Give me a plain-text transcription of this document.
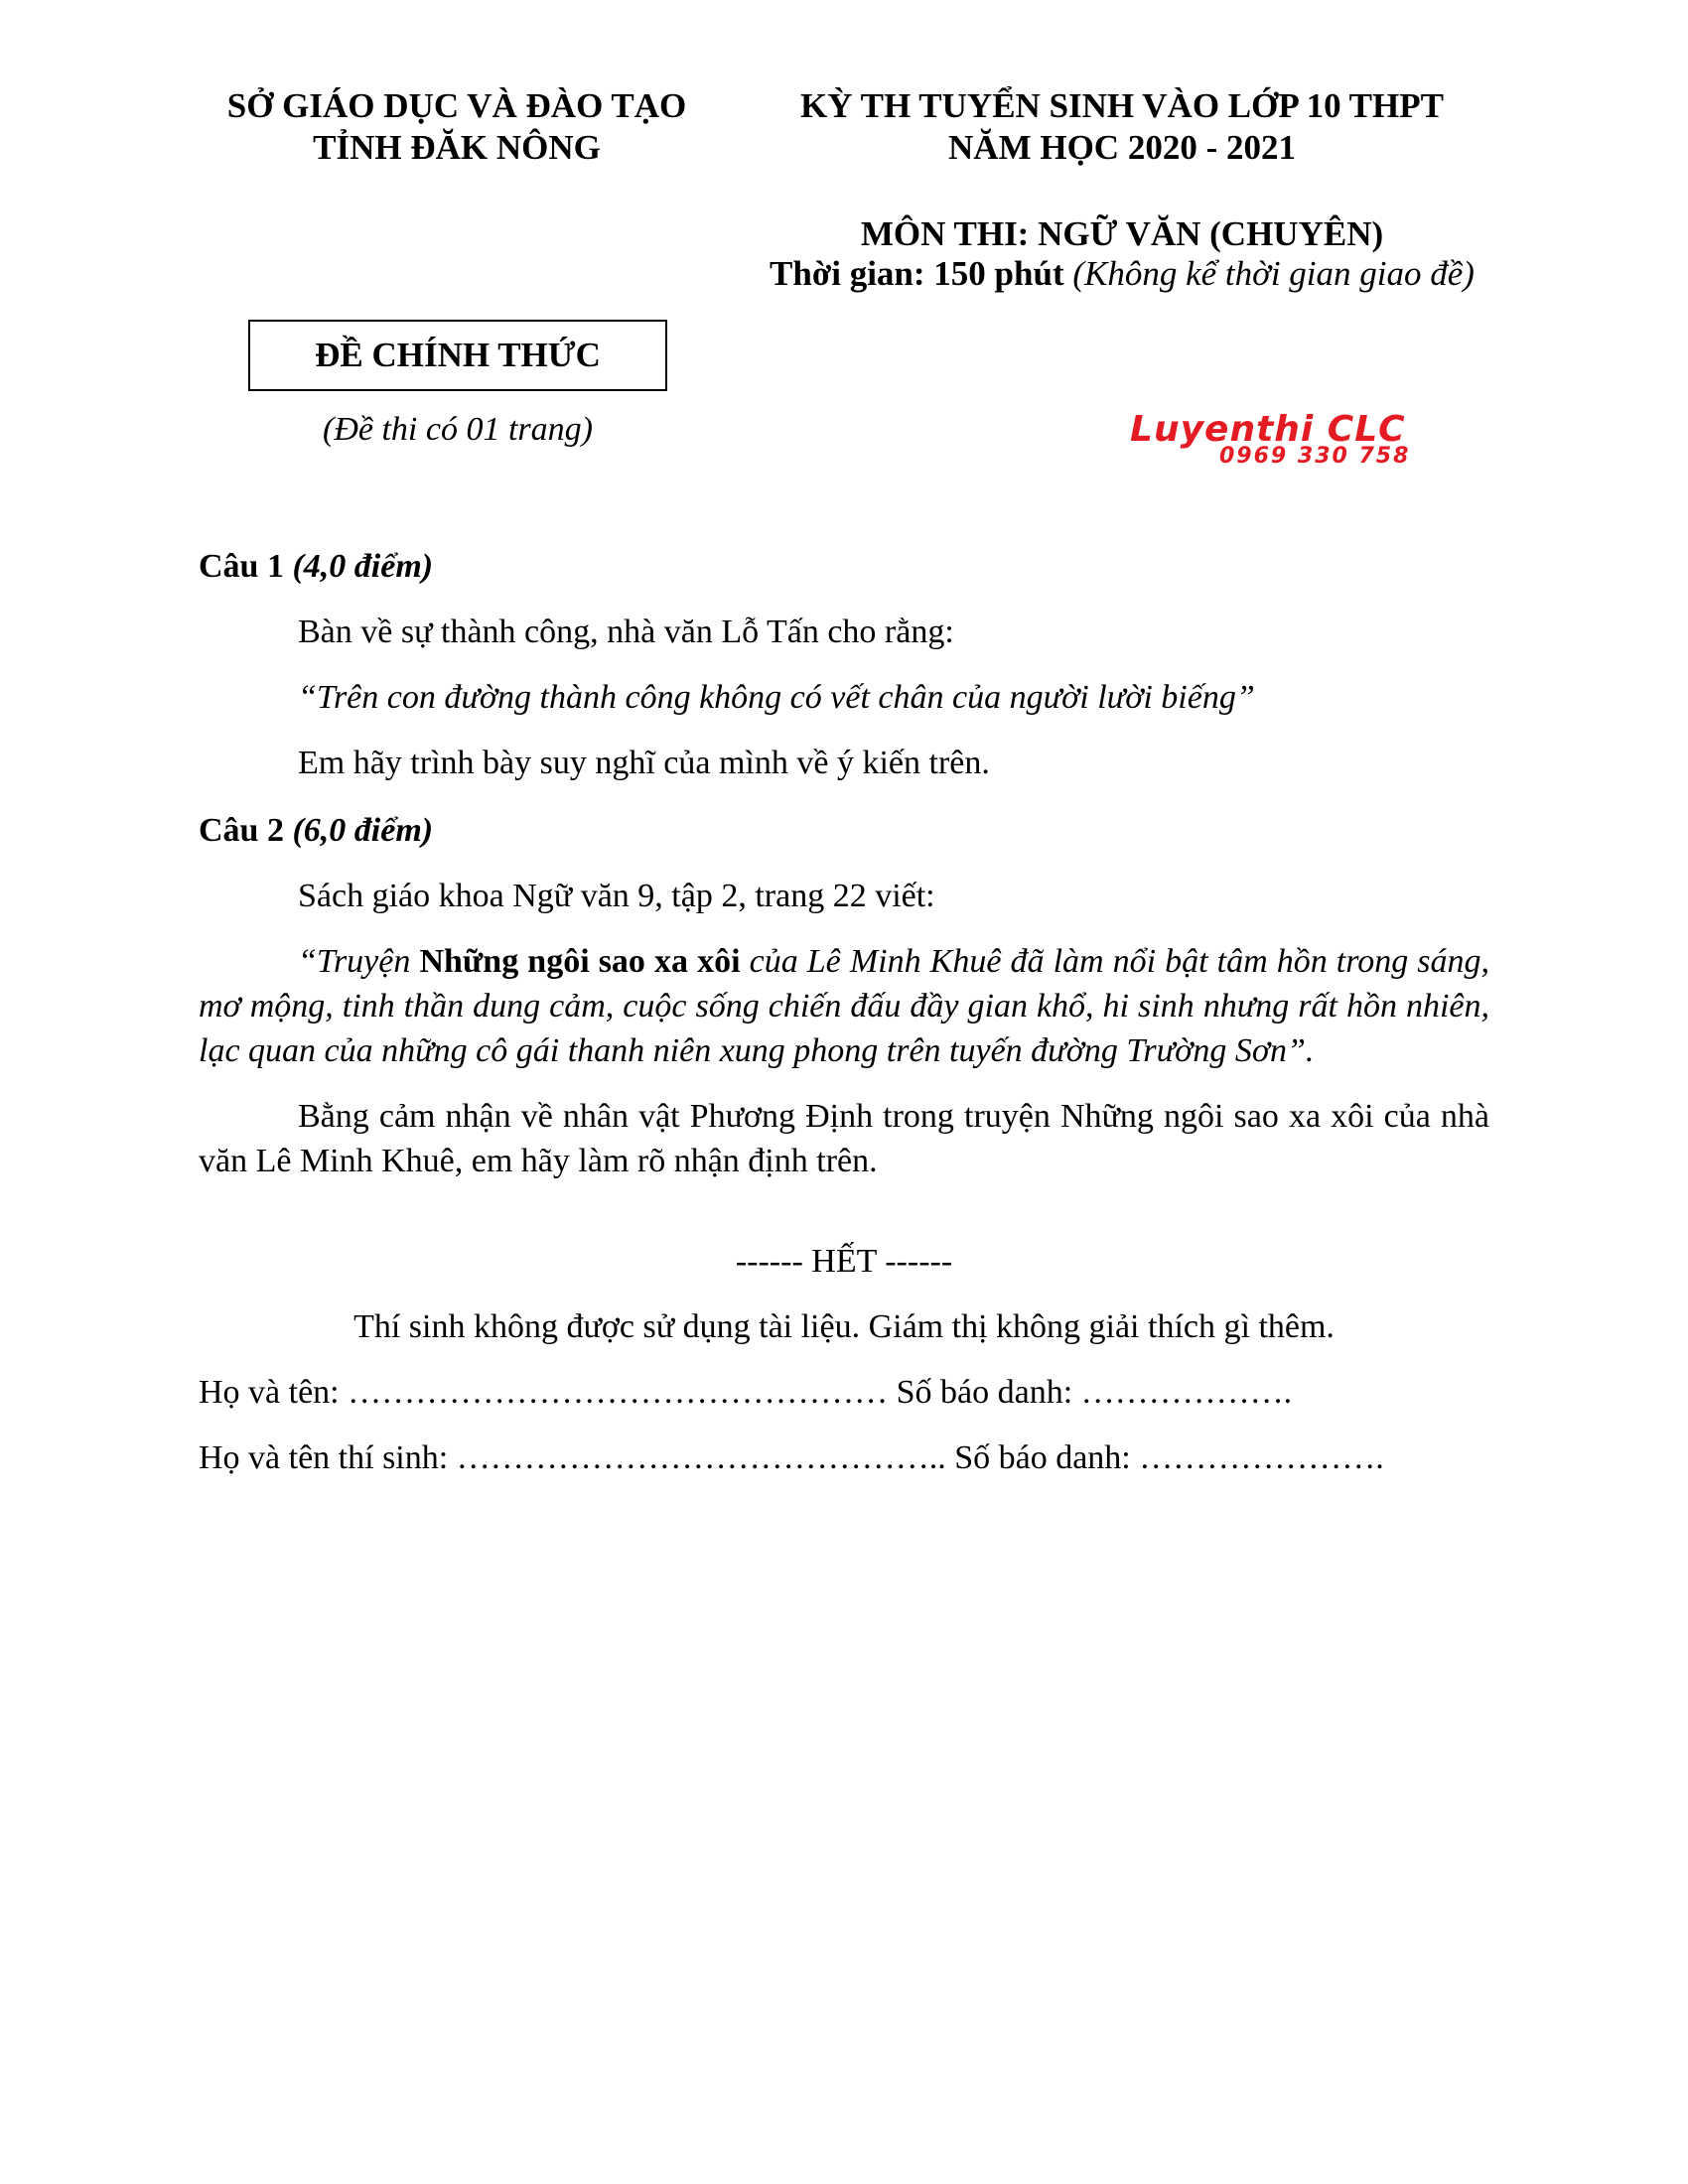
SỞ GIÁO DỤC VÀ ĐÀO TẠO
TỈNH ĐĂK NÔNG
KỲ TH TUYỂN SINH VÀO LỚP 10 THPT
NĂM HỌC 2020 - 2021
MÔN THI: NGỮ VĂN (CHUYÊN)
Thời gian: 150 phút (Không kể thời gian giao đề)
ĐỀ CHÍNH THỨC
(Đề thi có 01 trang)	Luyenthi CLC
0969 330 758
Câu 1 (4,0 điểm)
Bàn về sự thành công, nhà văn Lỗ Tấn cho rằng:
“Trên con đường thành công không có vết chân của người lười biếng”
Em hãy trình bày suy nghĩ của mình về ý kiến trên.
Câu 2 (6,0 điểm)
Sách giáo khoa Ngữ văn 9, tập 2, trang 22 viết:
“Truyện Những ngôi sao xa xôi của Lê Minh Khuê đã làm nổi bật tâm hồn trong sáng, mơ mộng, tinh thần dung cảm, cuộc sống chiến đấu đầy gian khổ, hi sinh nhưng rất hồn nhiên, lạc quan của những cô gái thanh niên xung phong trên tuyến đường Trường Sơn”.
Bằng cảm nhận về nhân vật Phương Định trong truyện Những ngôi sao xa xôi của nhà văn Lê Minh Khuê, em hãy làm rõ nhận định trên.
------ HẾT ------
Thí sinh không được sử dụng tài liệu. Giám thị không giải thích gì thêm.
Họ và tên: ………………………………………… Số báo danh: ……………….
Họ và tên thí sinh: …………………………………….. Số báo danh: ………………….
